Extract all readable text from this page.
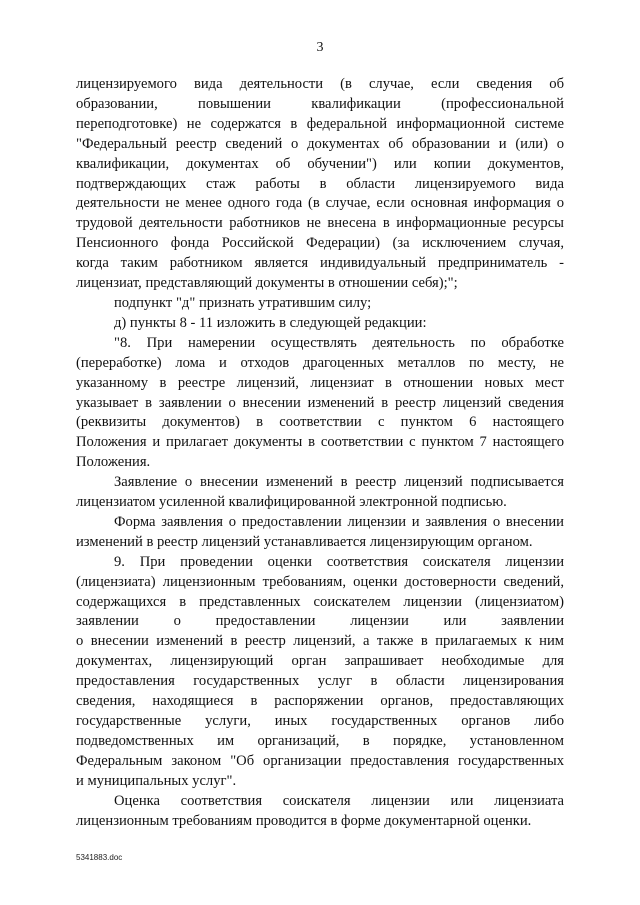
3
лицензируемого вида деятельности (в случае, если сведения об
образовании, повышении квалификации (профессиональной
переподготовке) не содержатся в федеральной информационной системе
"Федеральный реестр сведений о документах об образовании и (или) о
квалификации, документах об обучении") или копии документов,
подтверждающих стаж работы в области лицензируемого вида
деятельности не менее одного года (в случае, если основная информация о
трудовой деятельности работников не внесена в информационные ресурсы
Пенсионного фонда Российской Федерации) (за исключением случая,
когда таким работником является индивидуальный предприниматель -
лицензиат, представляющий документы в отношении себя);";
подпункт "д" признать утратившим силу;
д) пункты 8 - 11 изложить в следующей редакции:
"8. При намерении осуществлять деятельность по обработке
(переработке) лома и отходов драгоценных металлов по месту, не
указанному в реестре лицензий, лицензиат в отношении новых мест
указывает в заявлении о внесении изменений в реестр лицензий сведения
(реквизиты документов) в соответствии с пунктом 6 настоящего
Положения и прилагает документы в соответствии с пунктом 7 настоящего
Положения.
Заявление о внесении изменений в реестр лицензий подписывается
лицензиатом усиленной квалифицированной электронной подписью.
Форма заявления о предоставлении лицензии и заявления о внесении
изменений в реестр лицензий устанавливается лицензирующим органом.
9. При проведении оценки соответствия соискателя лицензии
(лицензиата) лицензионным требованиям, оценки достоверности сведений,
содержащихся в представленных соискателем лицензии (лицензиатом)
заявлении о предоставлении лицензии или заявлении
о внесении изменений в реестр лицензий, а также в прилагаемых к ним
документах, лицензирующий орган запрашивает необходимые для
предоставления государственных услуг в области лицензирования
сведения, находящиеся в распоряжении органов, предоставляющих
государственные услуги, иных государственных органов либо
подведомственных им организаций, в порядке, установленном
Федеральным законом "Об организации предоставления государственных
и муниципальных услуг".
Оценка соответствия соискателя лицензии или лицензиата
лицензионным требованиям проводится в форме документарной оценки.
5341883.doc
